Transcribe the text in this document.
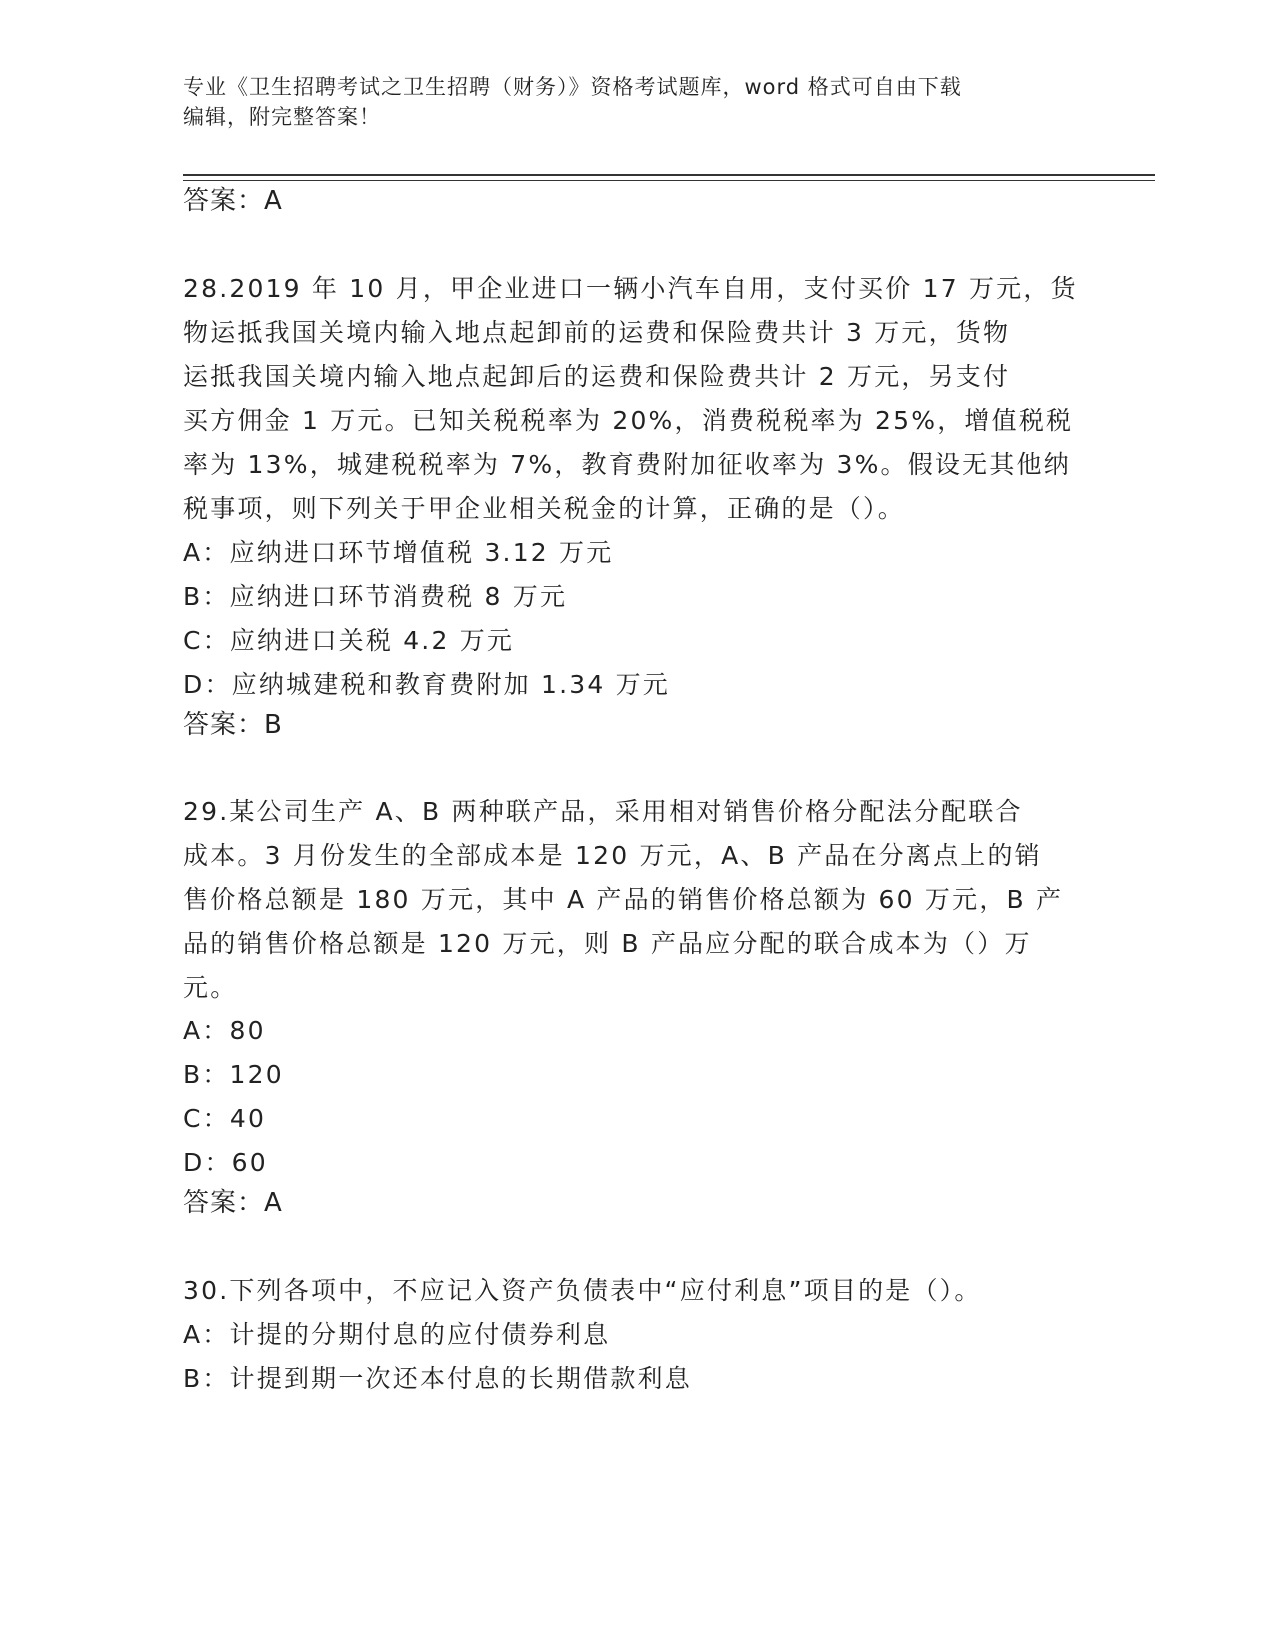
专业《卫生招聘考试之卫生招聘（财务）》资格考试题库，word 格式可自由下载
编辑，附完整答案！
答案：A
28.2019 年 10 月，甲企业进口一辆小汽车自用，支付买价 17 万元，货
物运抵我国关境内输入地点起卸前的运费和保险费共计 3 万元，货物
运抵我国关境内输入地点起卸后的运费和保险费共计 2 万元，另支付
买方佣金 1 万元。已知关税税率为 20%，消费税税率为 25%，增值税税
率为 13%，城建税税率为 7%，教育费附加征收率为 3%。假设无其他纳
税事项，则下列关于甲企业相关税金的计算，正确的是（）。
A：应纳进口环节增值税 3.12 万元
B：应纳进口环节消费税 8 万元
C：应纳进口关税 4.2 万元
D：应纳城建税和教育费附加 1.34 万元
答案：B
29.某公司生产 A、B 两种联产品，采用相对销售价格分配法分配联合
成本。3 月份发生的全部成本是 120 万元，A、B 产品在分离点上的销
售价格总额是 180 万元，其中 A 产品的销售价格总额为 60 万元，B 产
品的销售价格总额是 120 万元，则 B 产品应分配的联合成本为（）万
元。
A：80
B：120
C：40
D：60
答案：A
30.下列各项中，不应记入资产负债表中“应付利息”项目的是（）。
A：计提的分期付息的应付债券利息
B：计提到期一次还本付息的长期借款利息
